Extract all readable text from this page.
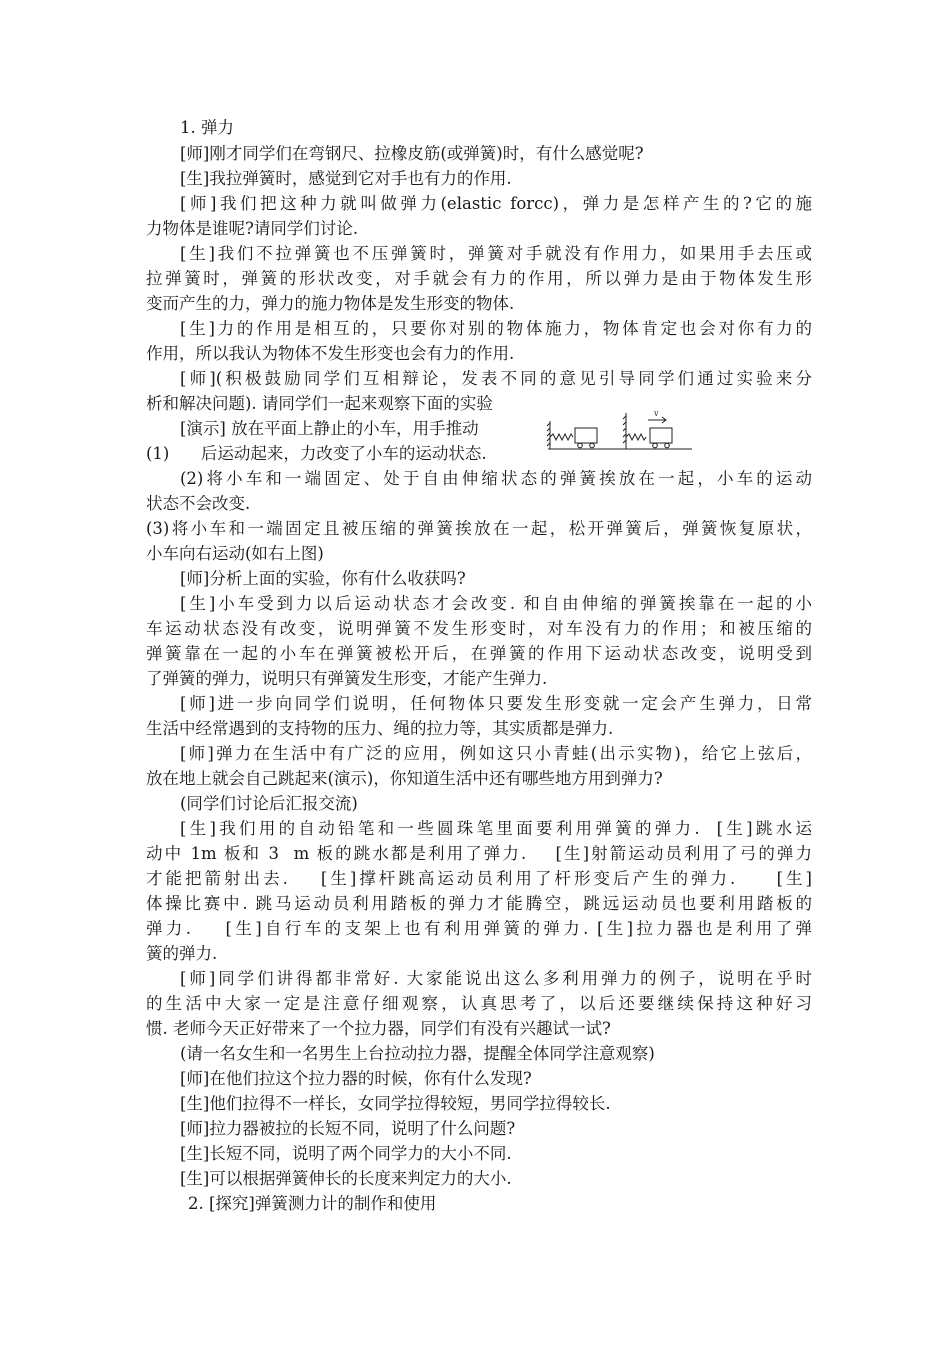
1. 弹力
[师]刚才同学们在弯钢尺、拉橡皮筋(或弹簧)时，有什么感觉呢?
[生]我拉弹簧时，感觉到它对手也有力的作用.
[师]我们把这种力就叫做弹力(elastic forcc)，弹力是怎样产生的?它的施
力物体是谁呢?请同学们讨论.
[生]我们不拉弹簧也不压弹簧时，弹簧对手就没有作用力，如果用手去压或
拉弹簧时，弹簧的形状改变，对手就会有力的作用，所以弹力是由于物体发生形
变而产生的力，弹力的施力物体是发生形变的物体.
[生]力的作用是相互的，只要你对别的物体施力，物体肯定也会对你有力的
作用，所以我认为物体不发生形变也会有力的作用.
[师](积极鼓励同学们互相辩论，发表不同的意见引导同学们通过实验来分
析和解决问题). 请同学们一起来观察下面的实验
[演示] 放在平面上静止的小车，用手推动
(1)      后运动起来，力改变了小车的运动状态.
v
(2)将小车和一端固定、处于自由伸缩状态的弹簧挨放在一起，小车的运动
状态不会改变.
(3)将小车和一端固定且被压缩的弹簧挨放在一起，松开弹簧后，弹簧恢复原状，
小车向右运动(如右上图)
[师]分析上面的实验，你有什么收获吗?
[生]小车受到力以后运动状态才会改变. 和自由伸缩的弹簧挨靠在一起的小
车运动状态没有改变，说明弹簧不发生形变时，对车没有力的作用；和被压缩的
弹簧靠在一起的小车在弹簧被松开后，在弹簧的作用下运动状态改变，说明受到
了弹簧的弹力，说明只有弹簧发生形变，才能产生弹力.
[师]进一步向同学们说明，任何物体只要发生形变就一定会产生弹力，日常
生活中经常遇到的支持物的压力、绳的拉力等，其实质都是弹力.
[师]弹力在生活中有广泛的应用，例如这只小青蛙(出示实物)，给它上弦后，
放在地上就会自己跳起来(演示)，你知道生活中还有哪些地方用到弹力?
(同学们讨论后汇报交流)
[生]我们用的自动铅笔和一些圆珠笔里面要利用弹簧的弹力.  [生]跳水运
动中 1m 板和 3  m 板的跳水都是利用了弹力.    [生]射箭运动员利用了弓的弹力
才能把箭射出去.    [生]撑杆跳高运动员利用了杆形变后产生的弹力.     [生]
体操比赛中. 跳马运动员利用踏板的弹力才能腾空，跳远运动员也要利用踏板的
弹力.    [生]自行车的支架上也有利用弹簧的弹力. [生]拉力器也是利用了弹
簧的弹力.
[师]同学们讲得都非常好. 大家能说出这么多利用弹力的例子，说明在乎时
的生活中大家一定是注意仔细观察，认真思考了，以后还要继续保持这种好习
惯. 老师今天正好带来了一个拉力器，同学们有没有兴趣试一试?
(请一名女生和一名男生上台拉动拉力器，提醒全体同学注意观察)
[师]在他们拉这个拉力器的时候，你有什么发现?
[生]他们拉得不一样长，女同学拉得较短，男同学拉得较长.
[师]拉力器被拉的长短不同，说明了什么问题?
[生]长短不同，说明了两个同学力的大小不同.
[生]可以根据弹簧伸长的长度来判定力的大小.
2. [探究]弹簧测力计的制作和使用
